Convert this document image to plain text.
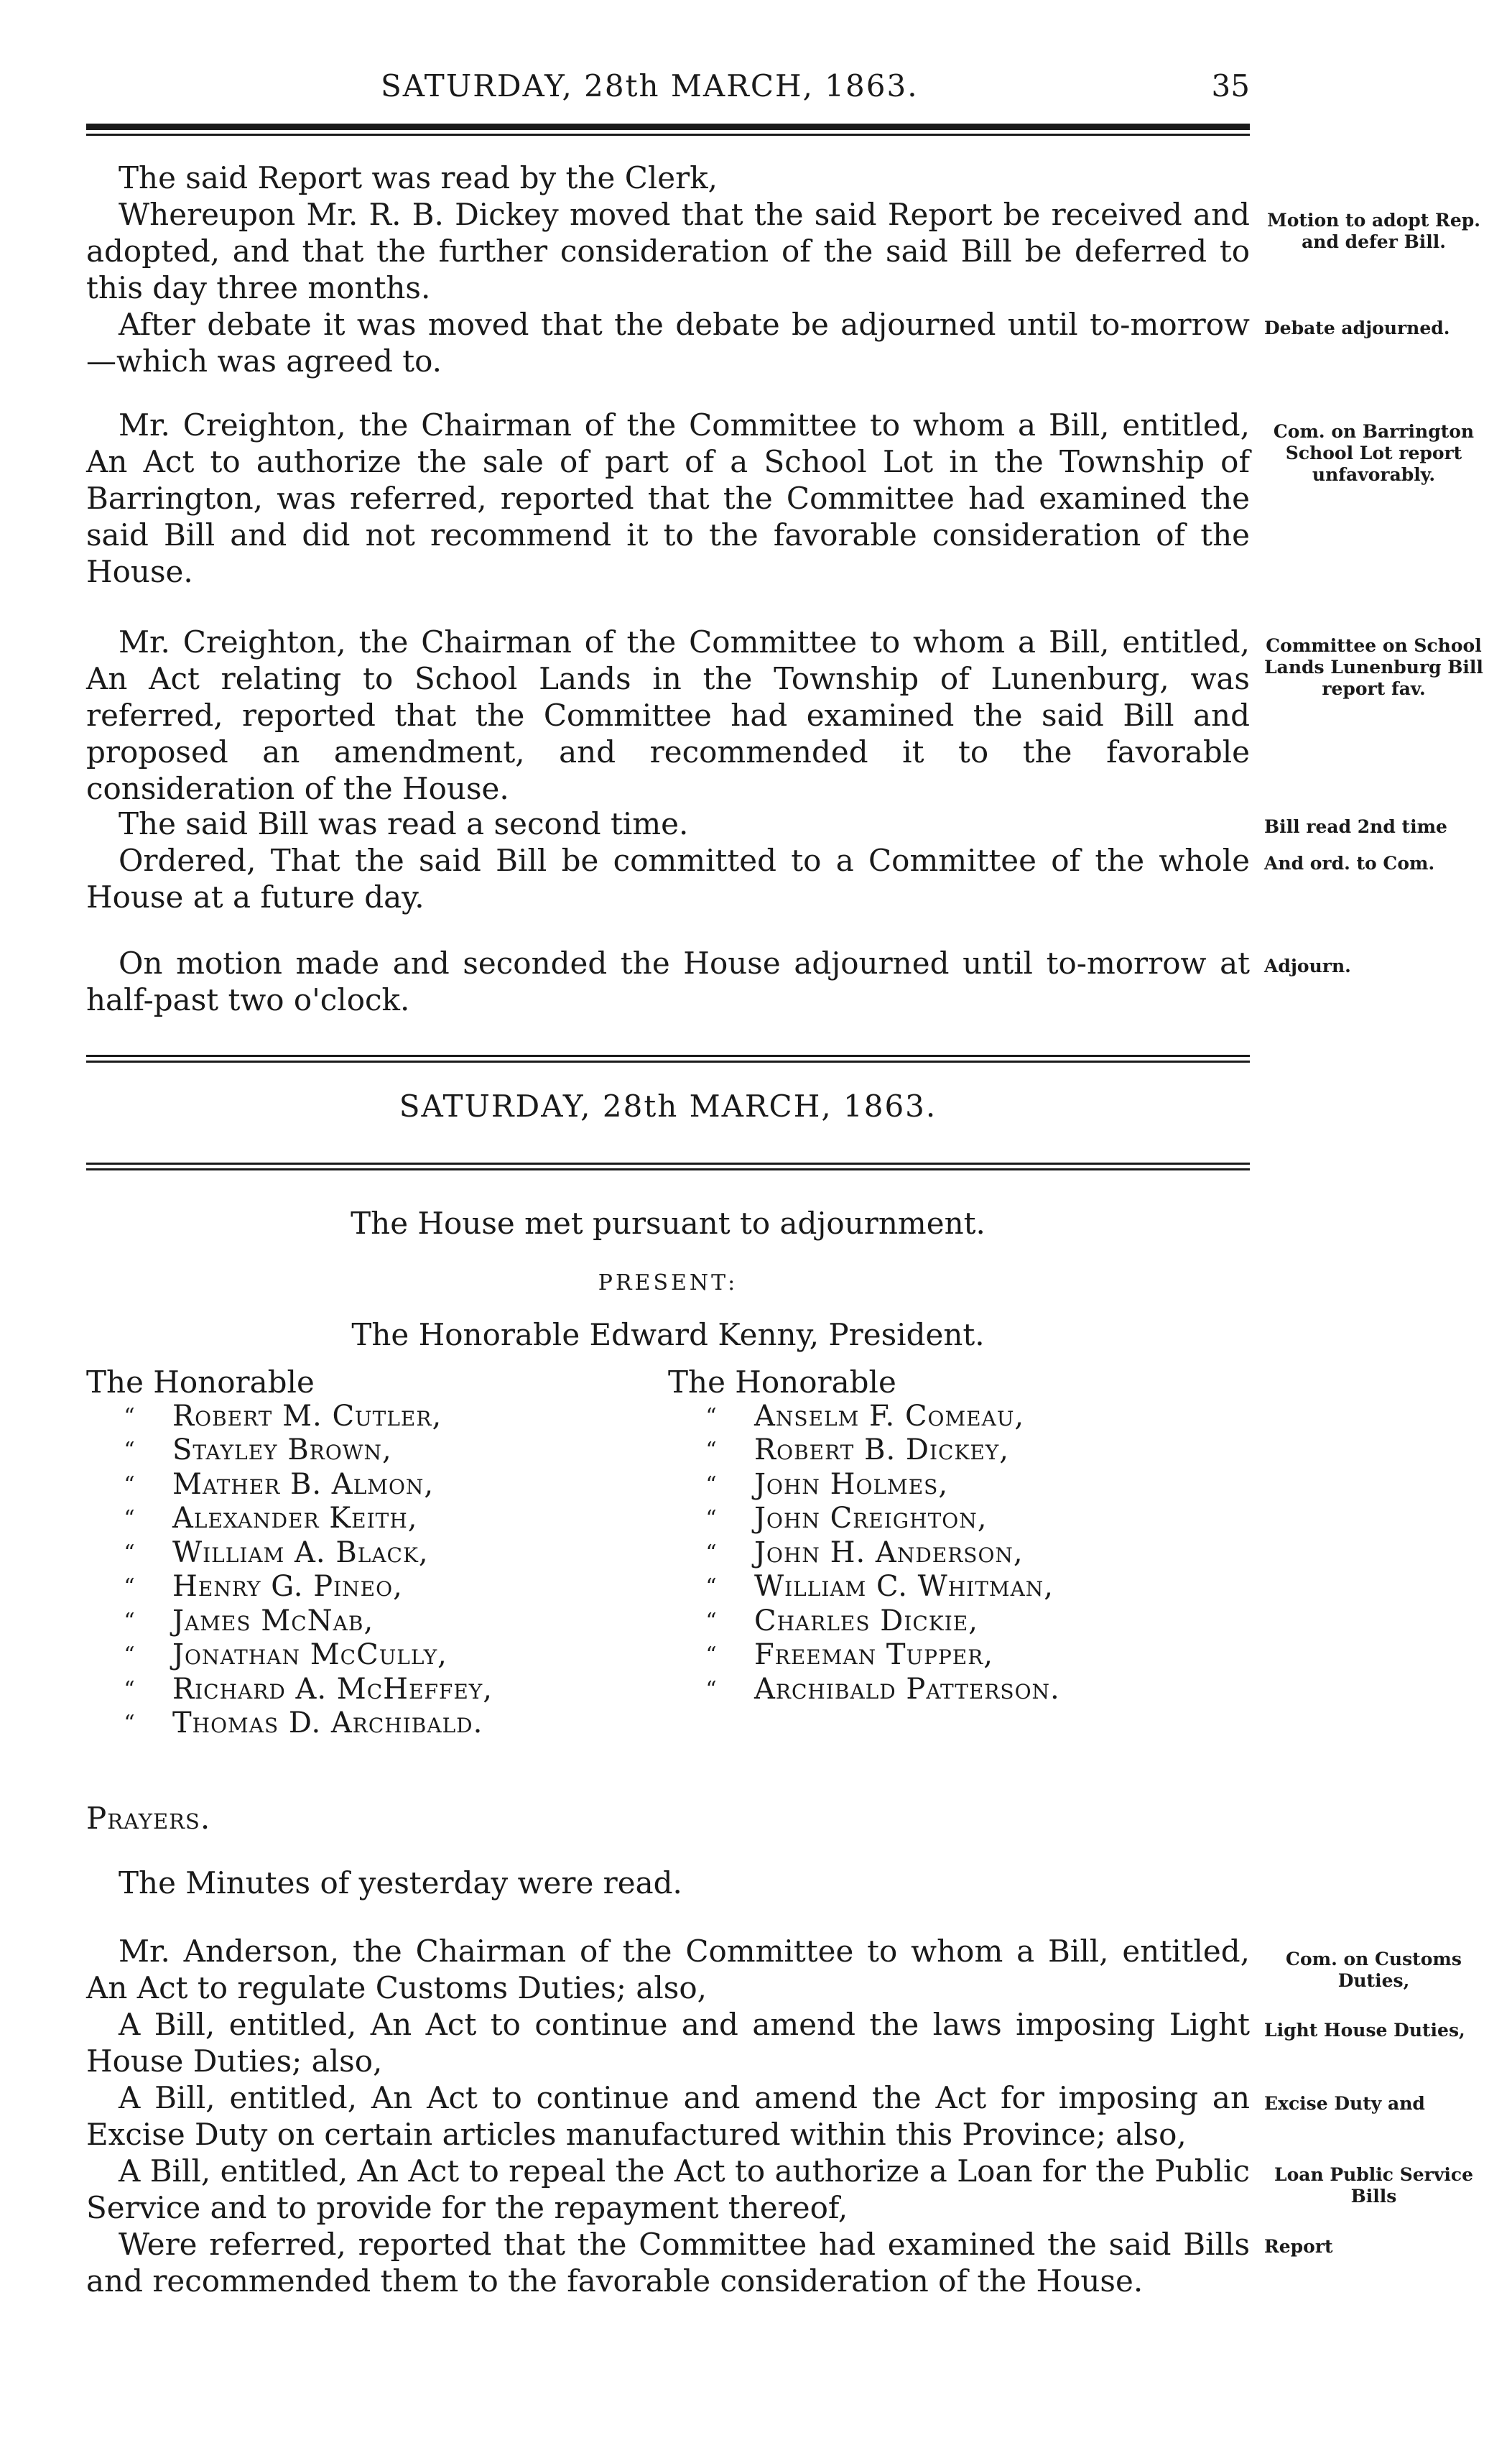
SATURDAY, 28th MARCH, 1863.	35
The said Report was read by the Clerk,
Whereupon Mr. R. B. Dickey moved that the said Report be received and adopted, and that the further consideration of the said Bill be deferred to this day three months.
Motion to adopt Rep. and defer Bill.
After debate it was moved that the debate be adjourned until to-morrow —which was agreed to.
Debate adjourned.
Mr. Creighton, the Chairman of the Committee to whom a Bill, entitled, An Act to authorize the sale of part of a School Lot in the Township of Barrington, was referred, reported that the Committee had examined the said Bill and did not recommend it to the favorable consideration of the House.
Com. on Barrington School Lot report unfavorably.
Mr. Creighton, the Chairman of the Committee to whom a Bill, entitled, An Act relating to School Lands in the Township of Lunenburg, was referred, reported that the Committee had examined the said Bill and proposed an amendment, and recommended it to the favorable consideration of the House.
Committee on School Lands Lunenburg Bill report fav.
The said Bill was read a second time.	Bill read 2nd time
Ordered, That the said Bill be committed to a Committee of the whole House at a future day.
And ord. to Com.
On motion made and seconded the House adjourned until to-morrow at half-past two o'clock.
Adjourn.
SATURDAY, 28th MARCH, 1863.
The House met pursuant to adjournment.
PRESENT:
The Honorable Edward Kenny, President.
The Honorable
“ Robert M. Cutler,
“ Stayley Brown,
“ Mather B. Almon,
“ Alexander Keith,
“ William A. Black,
“ Henry G. Pineo,
“ James McNab,
“ Jonathan McCully,
“ Richard A. McHeffey,
“ Thomas D. Archibald.
The Honorable
“ Anselm F. Comeau,
“ Robert B. Dickey,
“ John Holmes,
“ John Creighton,
“ John H. Anderson,
“ William C. Whitman,
“ Charles Dickie,
“ Freeman Tupper,
“ Archibald Patterson.
Prayers.
The Minutes of yesterday were read.
Mr. Anderson, the Chairman of the Committee to whom a Bill, entitled, An Act to regulate Customs Duties; also,
Com. on Customs Duties,
A Bill, entitled, An Act to continue and amend the laws imposing Light House Duties; also,
Light House Duties,
A Bill, entitled, An Act to continue and amend the Act for imposing an Excise Duty on certain articles manufactured within this Province; also,
Excise Duty and
A Bill, entitled, An Act to repeal the Act to authorize a Loan for the Public Service and to provide for the repayment thereof,
Loan Public Service Bills
Were referred, reported that the Committee had examined the said Bills and recommended them to the favorable consideration of the House.
Report
